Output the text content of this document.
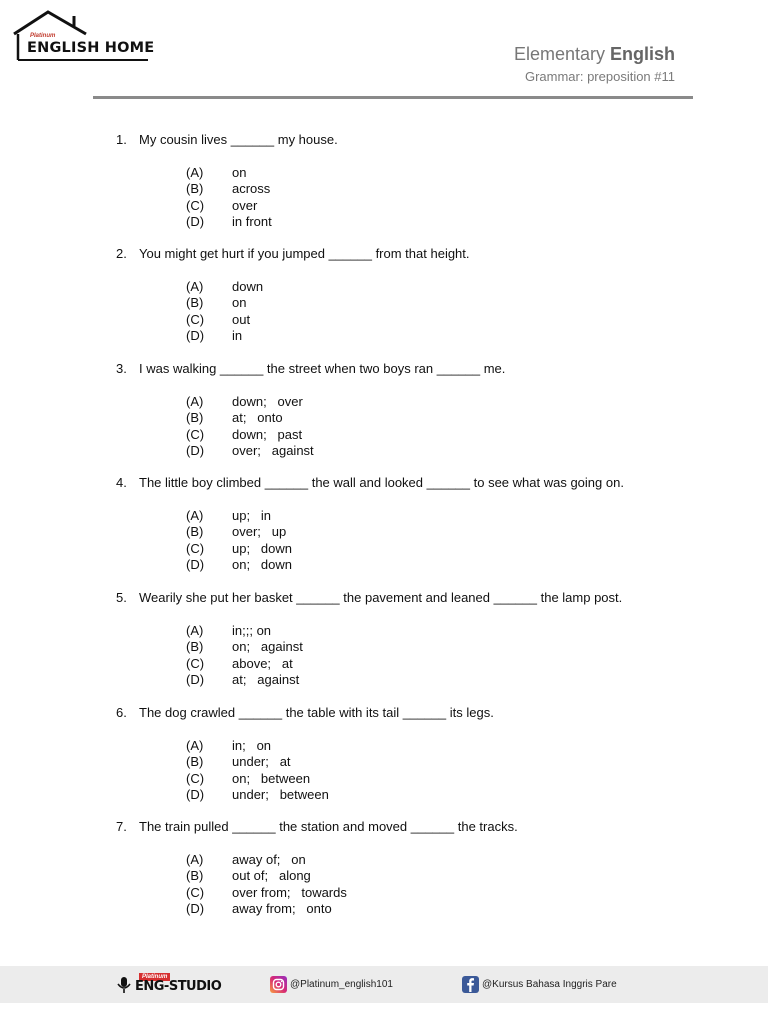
Platinum
ENGLISH HOME	Elementary English
Grammar: preposition #11
1. My cousin lives ______ my house.
(A) on
(B) across
(C) over
(D) in front
2. You might get hurt if you jumped ______ from that height.
(A) down
(B) on
(C) out
(D) in
3. I was walking ______ the street when two boys ran ______ me.
(A) down;   over
(B) at;   onto
(C) down;   past
(D) over;   against
4. The little boy climbed ______ the wall and looked ______ to see what was going on.
(A) up;   in
(B) over;   up
(C) up;   down
(D) on;   down
5. Wearily she put her basket ______ the pavement and leaned ______ the lamp post.
(A) in;;; on
(B) on;   against
(C) above;   at
(D) at;   against
6. The dog crawled ______ the table with its tail ______ its legs.
(A) in;   on
(B) under;   at
(C) on;   between
(D) under;   between
7. The train pulled ______ the station and moved ______ the tracks.
(A) away of;   on
(B) out of;   along
(C) over from;   towards
(D) away from;   onto
Platinum
ENG-STUDIO	@Platinum_english101	@Kursus Bahasa Inggris Pare
